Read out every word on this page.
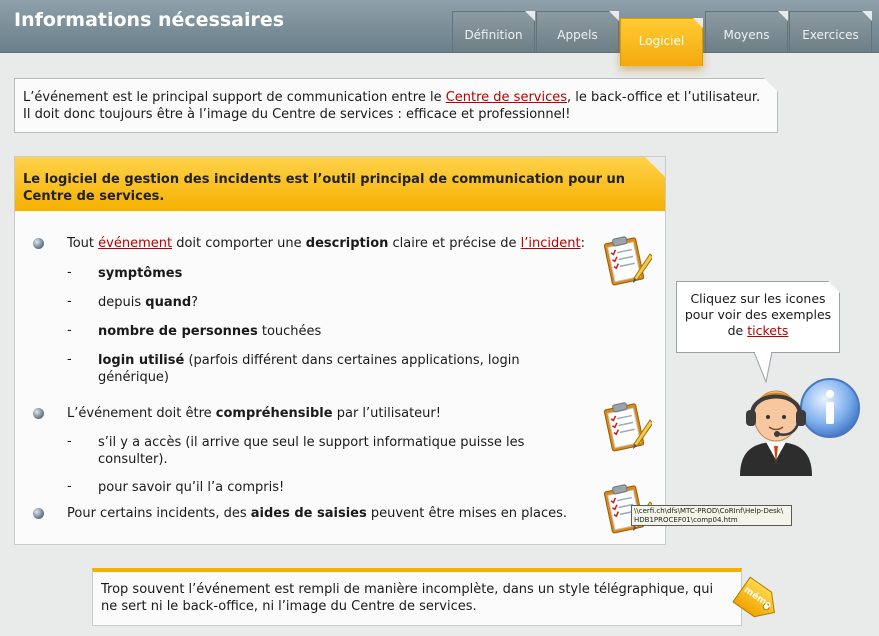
Informations nécessaires
Définition	Appels	Logiciel	Moyens	Exercices
L’événement est le principal support de communication entre le Centre de services, le back-office et l’utilisateur. Il doit donc toujours être à l’image du Centre de services : efficace et professionnel!
Le logiciel de gestion des incidents est l’outil principal de communication pour un Centre de services.
Tout événement doit comporter une description claire et précise de l’incident:
- symptômes
- depuis quand?
- nombre de personnes touchées
- login utilisé (parfois différent dans certaines applications, login générique)
L’événement doit être compréhensible par l’utilisateur!
- s’il y a accès (il arrive que seul le support informatique puisse les consulter).
- pour savoir qu’il l’a compris!
Pour certains incidents, des aides de saisies peuvent être mises en places.	\\cerfi.ch\dfs\MTC-PROD\CoRInf\Help-Desk\
HDB1PROCEF01\comp04.htm
Cliquez sur les icones pour voir des exemples de tickets
Trop souvent l’événement est rempli de manière incomplète, dans un style télégraphique, qui ne sert ni le back-office, ni l’image du Centre de services.	mémo
